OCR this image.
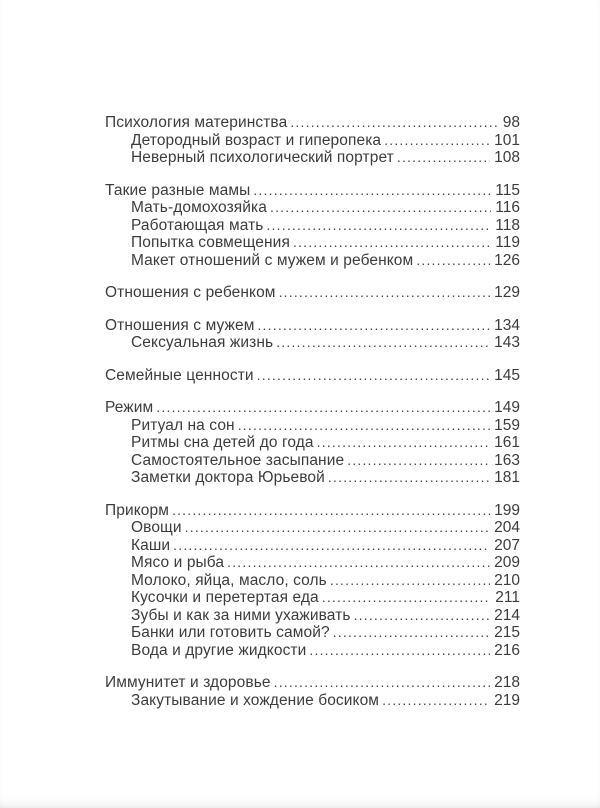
Психология материнства .....	98
Детородный возраст и гиперопека .....	101
Неверный психологический портрет .....	108
Такие разные мамы .....	115
Мать-домохозяйка .....	116
Работающая мать .....	118
Попытка совмещения .....	119
Макет отношений с мужем и ребенком .....	126
Отношения с ребенком .....	129
Отношения с мужем .....	134
Сексуальная жизнь .....	143
Семейные ценности .....	145
Режим .....	149
Ритуал на сон .....	159
Ритмы сна детей до года .....	161
Самостоятельное засыпание .....	163
Заметки доктора Юрьевой .....	181
Прикорм .....	199
Овощи .....	204
Каши .....	207
Мясо и рыба .....	209
Молоко, яйца, масло, соль .....	210
Кусочки и перетертая еда .....	211
Зубы и как за ними ухаживать .....	214
Банки или готовить самой? .....	215
Вода и другие жидкости .....	216
Иммунитет и здоровье .....	218
Закутывание и хождение босиком .....	219
